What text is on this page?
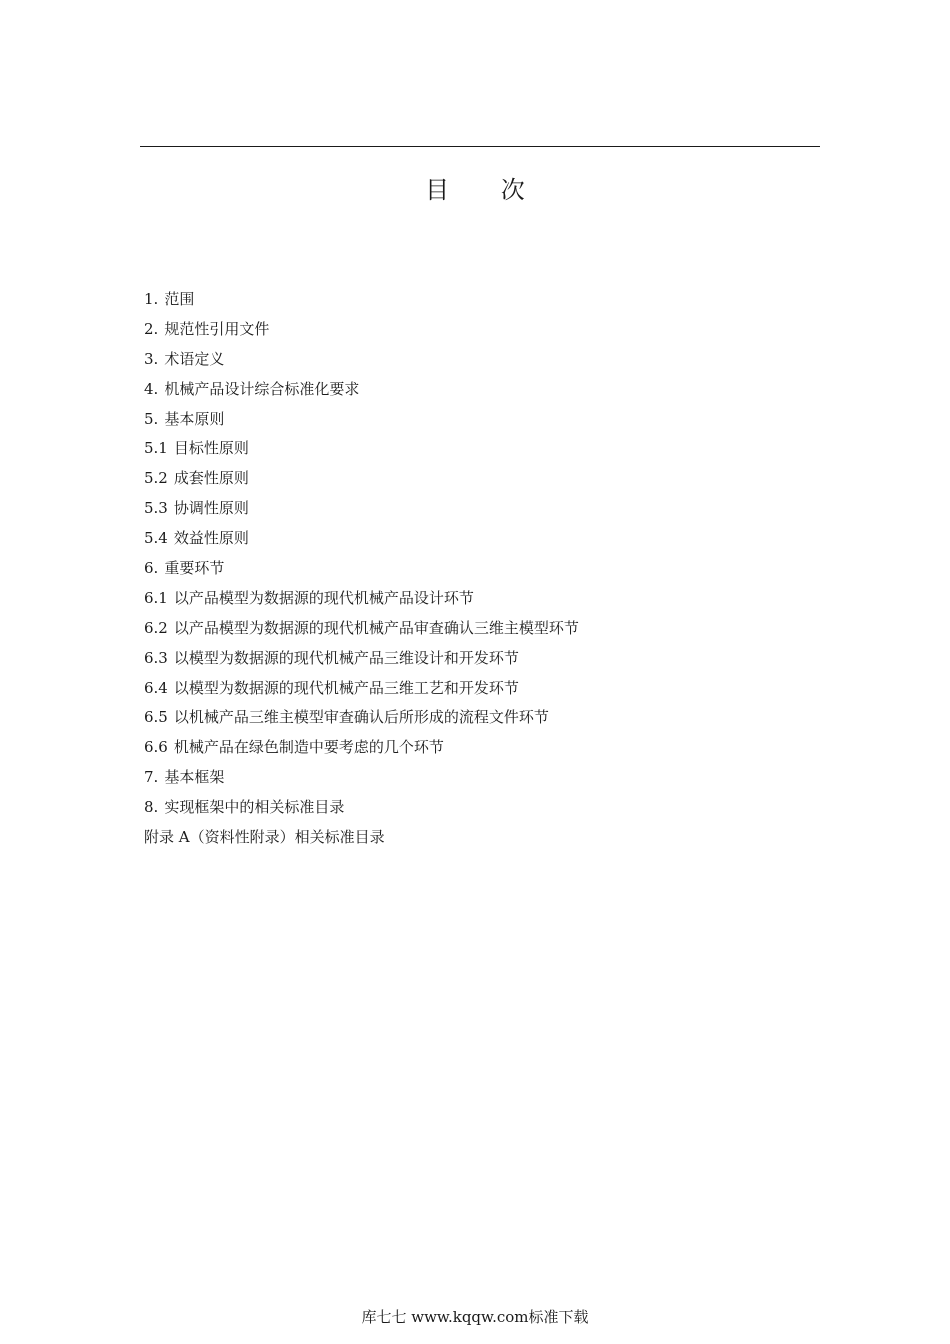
目 次
1. 范围
2. 规范性引用文件
3. 术语定义
4. 机械产品设计综合标准化要求
5. 基本原则
5.1 目标性原则
5.2 成套性原则
5.3 协调性原则
5.4 效益性原则
6. 重要环节
6.1 以产品模型为数据源的现代机械产品设计环节
6.2 以产品模型为数据源的现代机械产品审查确认三维主模型环节
6.3 以模型为数据源的现代机械产品三维设计和开发环节
6.4 以模型为数据源的现代机械产品三维工艺和开发环节
6.5 以机械产品三维主模型审查确认后所形成的流程文件环节
6.6 机械产品在绿色制造中要考虑的几个环节
7. 基本框架
8. 实现框架中的相关标准目录
附录 A（资料性附录）相关标准目录
库七七 www.kqqw.com标准下载
